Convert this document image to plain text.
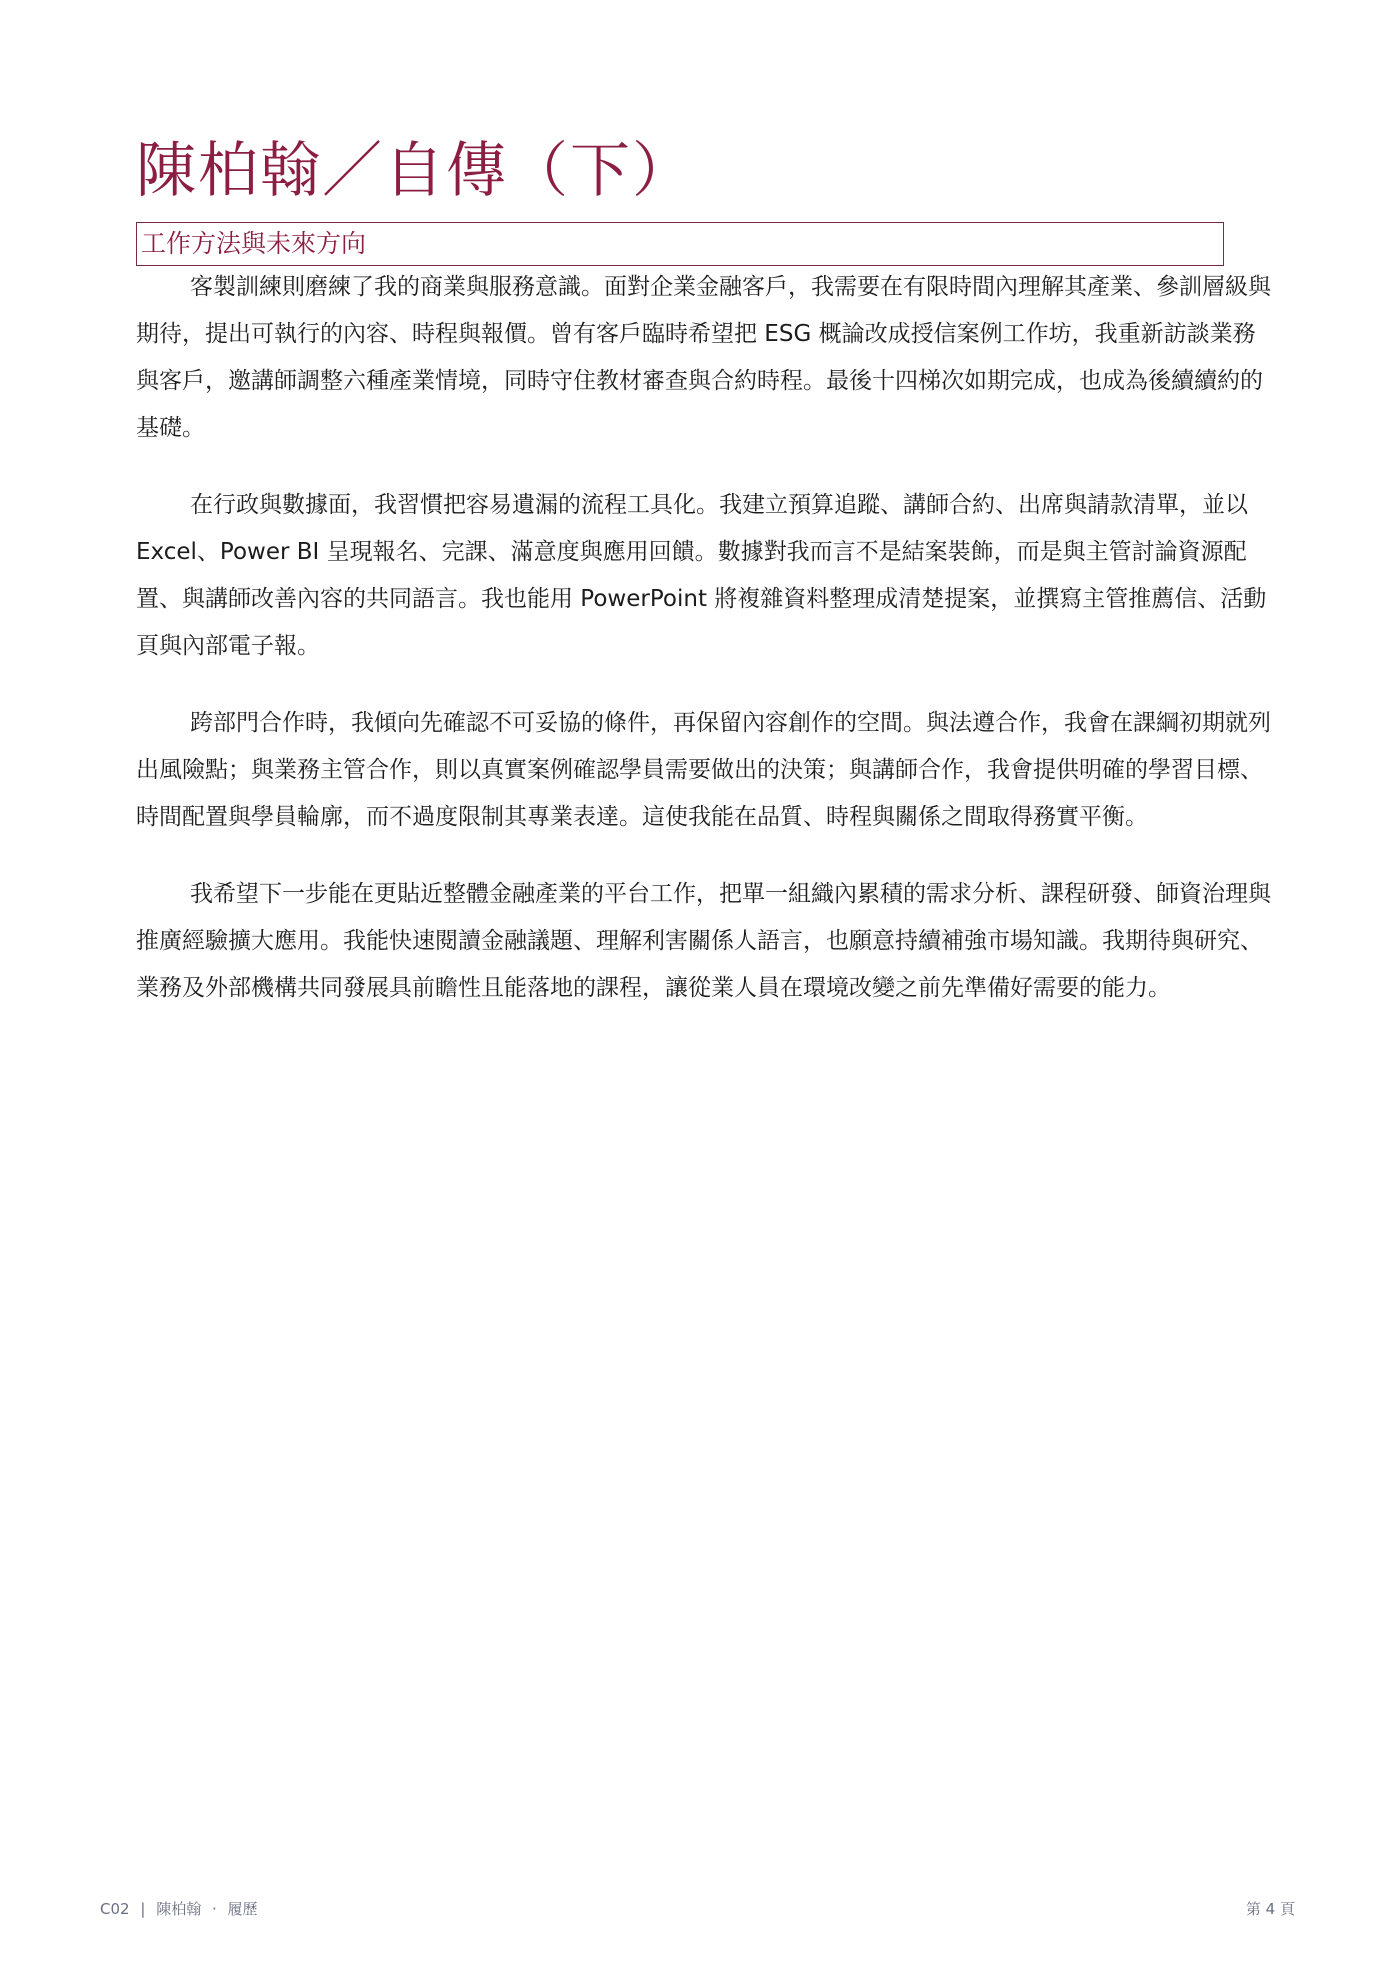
陳柏翰／自傳（下）
工作方法與未來方向

客製訓練則磨練了我的商業與服務意識。面對企業金融客戶，我需要在有限時間內理解其產業、參訓層級與期待，提出可執行的內容、時程與報價。曾有客戶臨時希望把 ESG 概論改成授信案例工作坊，我重新訪談業務與客戶，邀講師調整六種產業情境，同時守住教材審查與合約時程。最後十四梯次如期完成，也成為後續續約的基礎。

在行政與數據面，我習慣把容易遺漏的流程工具化。我建立預算追蹤、講師合約、出席與請款清單，並以 Excel、Power BI 呈現報名、完課、滿意度與應用回饋。數據對我而言不是結案裝飾，而是與主管討論資源配置、與講師改善內容的共同語言。我也能用 PowerPoint 將複雜資料整理成清楚提案，並撰寫主管推薦信、活動頁與內部電子報。

跨部門合作時，我傾向先確認不可妥協的條件，再保留內容創作的空間。與法遵合作，我會在課綱初期就列出風險點；與業務主管合作，則以真實案例確認學員需要做出的決策；與講師合作，我會提供明確的學習目標、時間配置與學員輪廓，而不過度限制其專業表達。這使我能在品質、時程與關係之間取得務實平衡。

我希望下一步能在更貼近整體金融產業的平台工作，把單一組織內累積的需求分析、課程研發、師資治理與推廣經驗擴大應用。我能快速閱讀金融議題、理解利害關係人語言，也願意持續補強市場知識。我期待與研究、業務及外部機構共同發展具前瞻性且能落地的課程，讓從業人員在環境改變之前先準備好需要的能力。

C02 | 陳柏翰 · 履歷	第 4 頁
